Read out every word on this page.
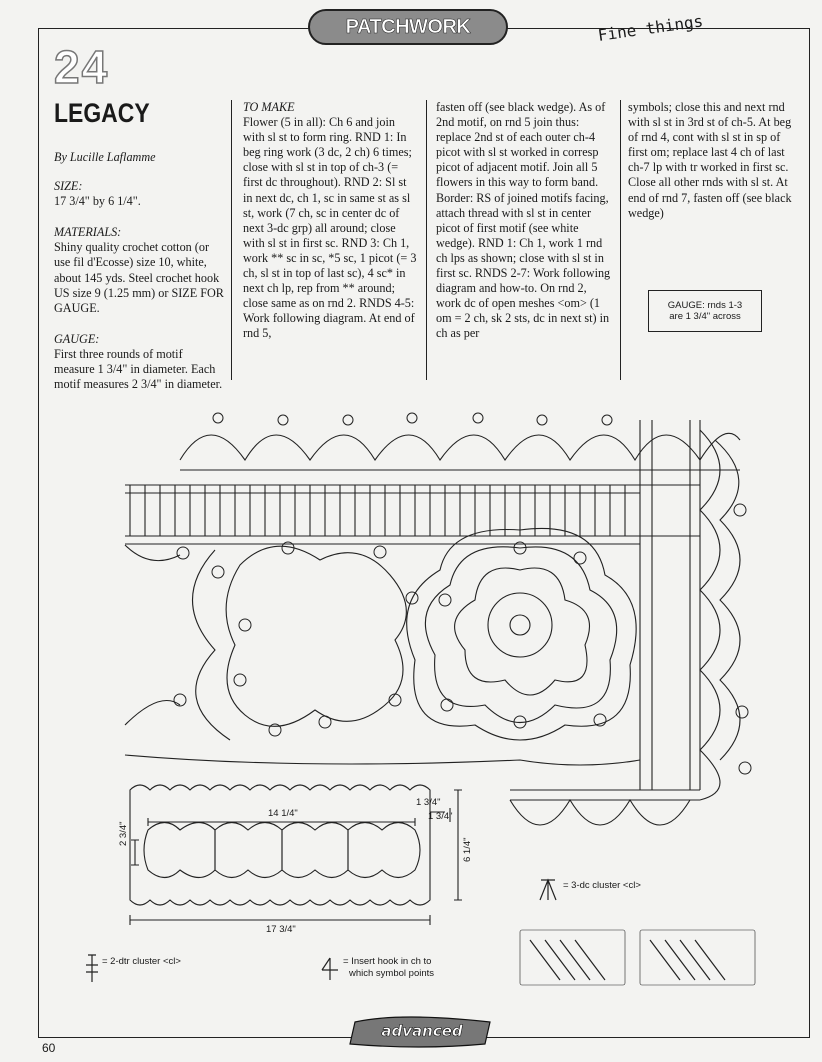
PATCHWORK	Fine things
24
LEGACY

By Lucille Laflamme

SIZE:

17 3/4" by 6 1/4".

MATERIALS:

Shiny quality crochet cotton (or use fil d'Ecosse) size 10, white, about 145 yds. Steel crochet hook US size 9 (1.25 mm) or SIZE FOR GAUGE.

GAUGE:

First three rounds of motif measure 1 3/4" in diameter. Each motif measures 2 3/4" in diameter.

TO MAKE

Flower (5 in all): Ch 6 and join with sl st to form ring. RND 1: In beg ring work (3 dc, 2 ch) 6 times; close with sl st in top of ch-3 (= first dc throughout). RND 2: Sl st in next dc, ch 1, sc in same st as sl st, work (7 ch, sc in center dc of next 3-dc grp) all around; close with sl st in first sc. RND 3: Ch 1, work ** sc in sc, *5 sc, 1 picot (= 3 ch, sl st in top of last sc), 4 sc* in next ch lp, rep from ** around; close same as on rnd 2. RNDS 4-5: Work following diagram. At end of rnd 5,

fasten off (see black wedge). As of 2nd motif, on rnd 5 join thus: replace 2nd st of each outer ch-4 picot with sl st worked in corresp picot of adjacent motif. Join all 5 flowers in this way to form band. Border: RS of joined motifs facing, attach thread with sl st in center picot of first motif (see white wedge). RND 1: Ch 1, work 1 rnd ch lps as shown; close with sl st in first sc. RNDS 2-7: Work following diagram and how-to. On rnd 2, work dc of open meshes <om> (1 om = 2 ch, sk 2 sts, dc in next st) in ch as per

symbols; close this and next rnd with sl st in 3rd st of ch-5. At beg of rnd 4, cont with sl st in sp of first om; replace last 4 ch of last ch-7 lp with tr worked in first sc. Close all other rnds with sl st. At end of rnd 7, fasten off (see black wedge)

GAUGE: rnds 1-3
are 1 3/4" across
14 1/4"
1 3/4"
1 3/4"
2 3/4"
6 1/4"
17 3/4"
= 3-dc cluster <cl>
= 2-dtr cluster <cl>	= Insert hook in ch to
which symbol points
advanced
60
